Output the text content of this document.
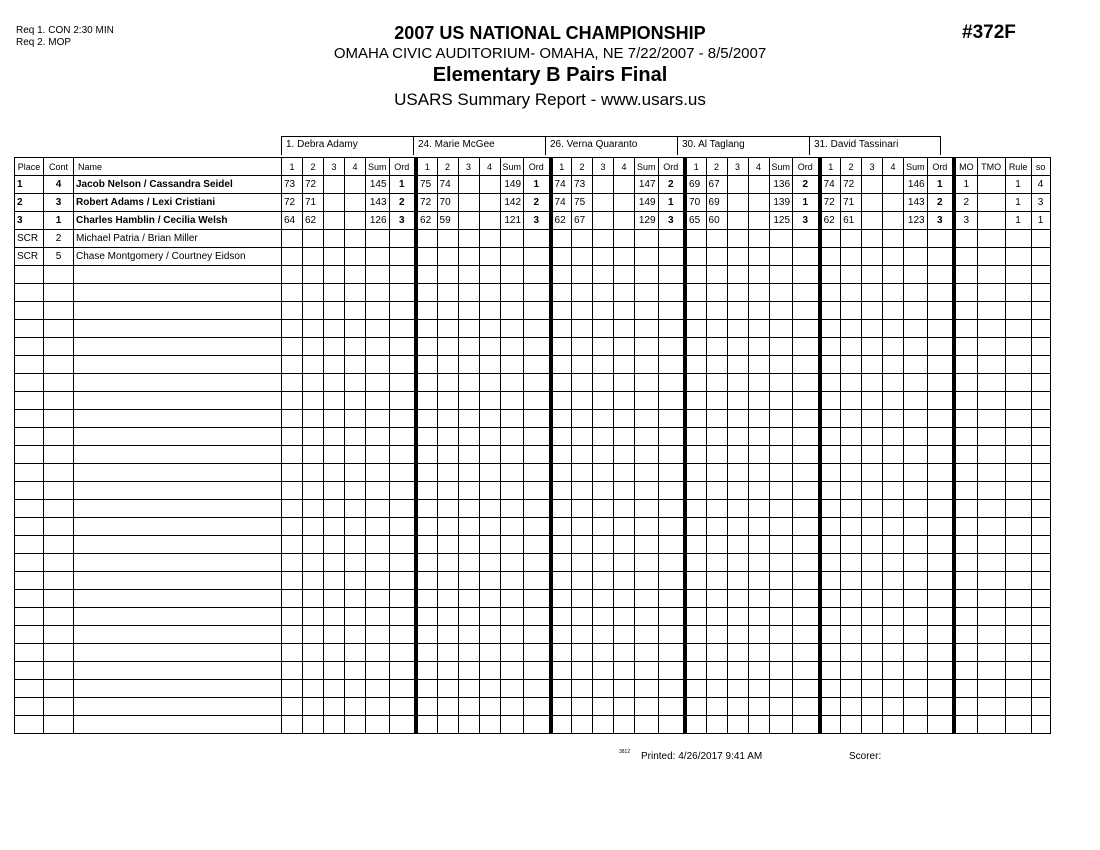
Req 1. CON 2:30 MIN
Req 2. MOP	2007 US NATIONAL CHAMPIONSHIP
OMAHA CIVIC AUDITORIUM- OMAHA, NE 7/22/2007 - 8/5/2007
Elementary B Pairs Final
USARS Summary Report - www.usars.us
#372F
1. Debra Adamy	24. Marie McGee	26. Verna Quaranto	30. Al Taglang	31. David Tassinari
Place	Cont	Name	1	2	3	4	Sum	Ord	1	2	3	4	Sum	Ord	1	2	3	4	Sum	Ord	1	2	3	4	Sum	Ord	1	2	3	4	Sum	Ord	MO	TMO	Rule	so
1	4	Jacob Nelson / Cassandra Seidel	73	72			145	1	75	74			149	1	74	73			147	2	69	67			136	2	74	72			146	1	1		1	4
2	3	Robert Adams / Lexi Cristiani	72	71			143	2	72	70			142	2	74	75			149	1	70	69			139	1	72	71			143	2	2		1	3
3	1	Charles Hamblin / Cecilia Welsh	64	62			126	3	62	59			121	3	62	67			129	3	65	60			125	3	62	61			123	3	3		1	1
SCR	2	Michael Patria / Brian Miller																																		
SCR	5	Chase Montgomery / Courtney Eidson																																		

3812 Printed: 4/26/2017 9:41 AM	Scorer:
